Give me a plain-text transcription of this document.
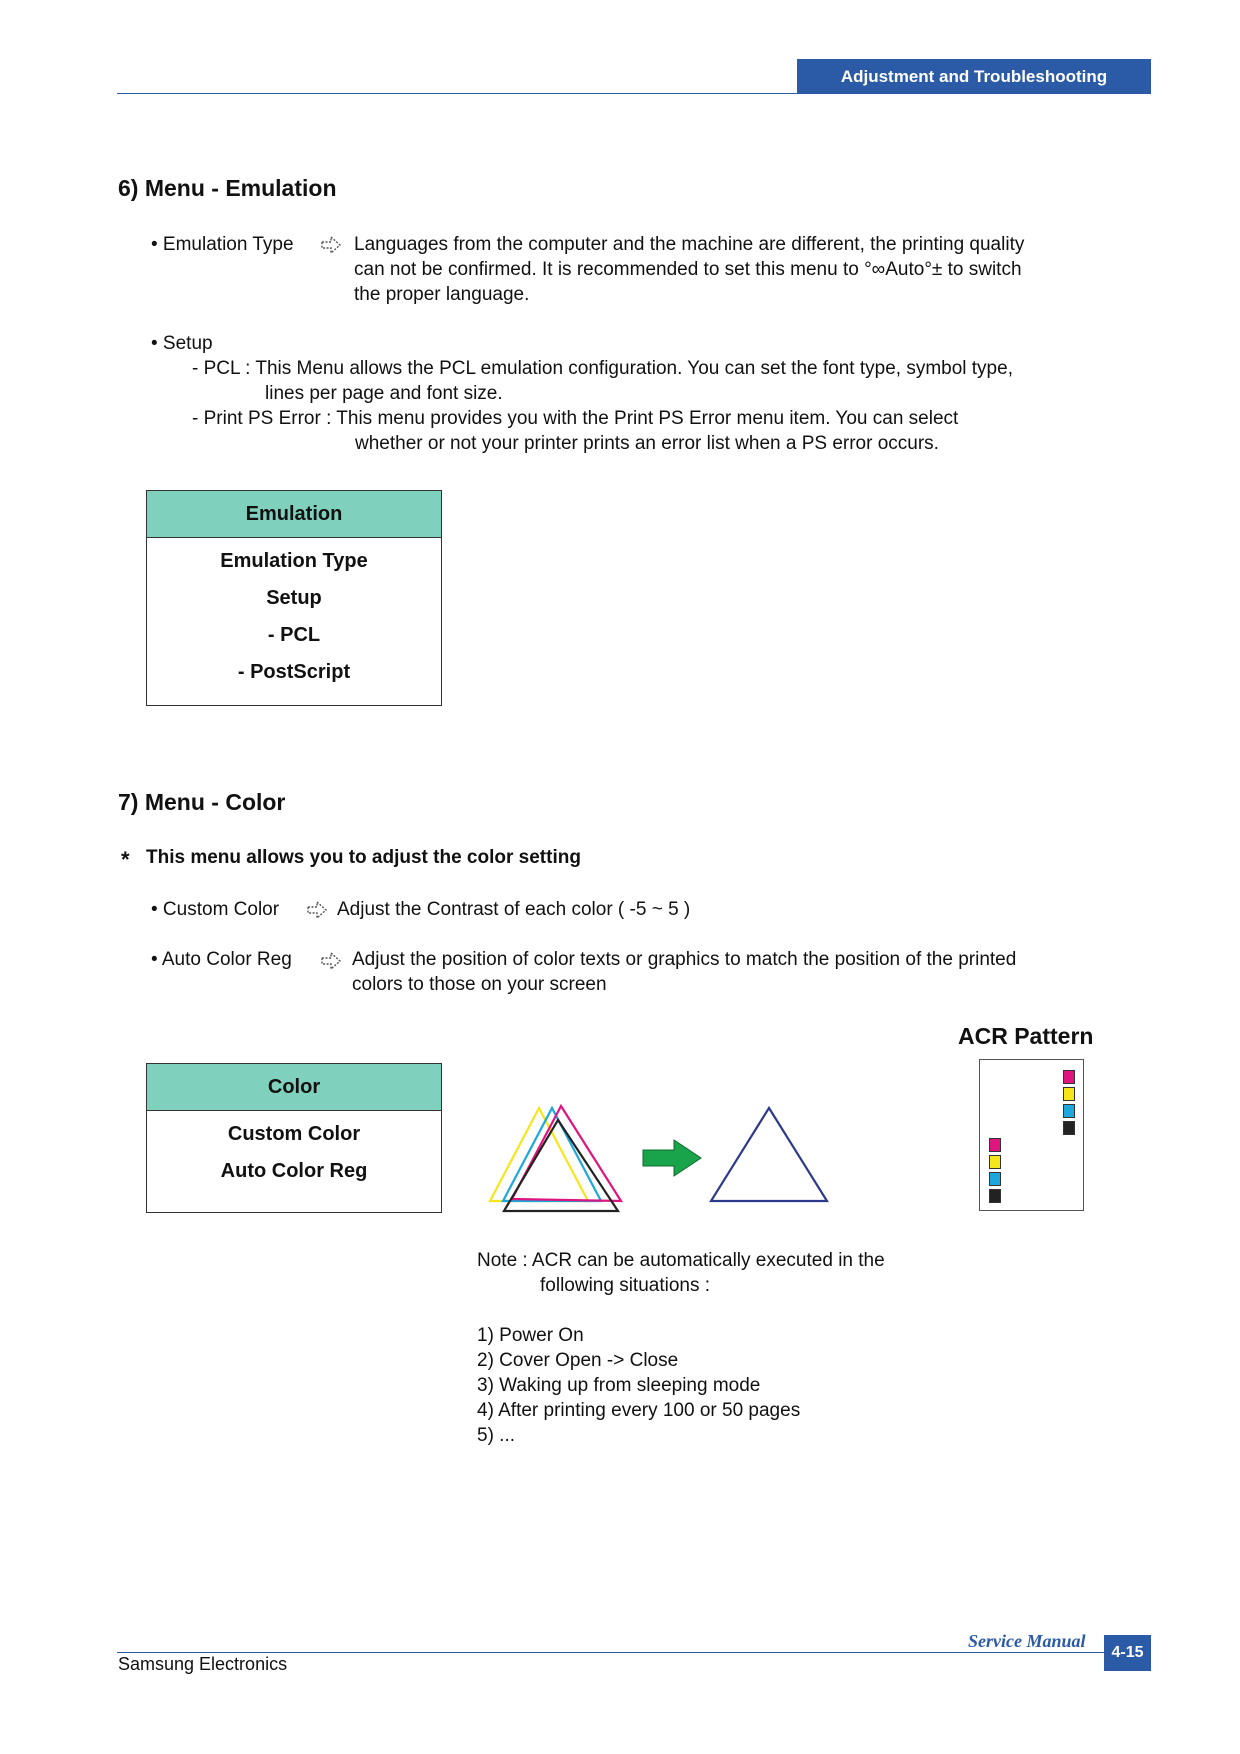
Adjustment and Troubleshooting
6) Menu - Emulation
• Emulation Type	Languages from the computer and the machine are different, the printing quality
can not be confirmed. It is recommended to set this menu to °∞Auto°± to switch
the proper language.
• Setup
- PCL : This Menu allows the PCL emulation configuration. You can set the font type, symbol type,
lines per page and font size.
- Print PS Error : This menu provides you with the Print PS Error menu item. You can select
whether or not your printer prints an error list when a PS error occurs.
Emulation
Emulation Type
Setup
- PCL
- PostScript
7) Menu - Color
* This menu allows you to adjust the color setting
• Custom Color	Adjust the Contrast of each color ( -5 ~ 5 )
• Auto Color Reg	Adjust the position of color texts or graphics to match the position of the printed
colors to those on your screen
Color
Custom Color
Auto Color Reg
ACR Pattern
Note : ACR can be automatically executed in the
following situations :
1) Power On
2) Cover Open -> Close
3) Waking up from sleeping mode
4) After printing every 100 or 50 pages
5) ...
Service Manual
4-15
Samsung Electronics
